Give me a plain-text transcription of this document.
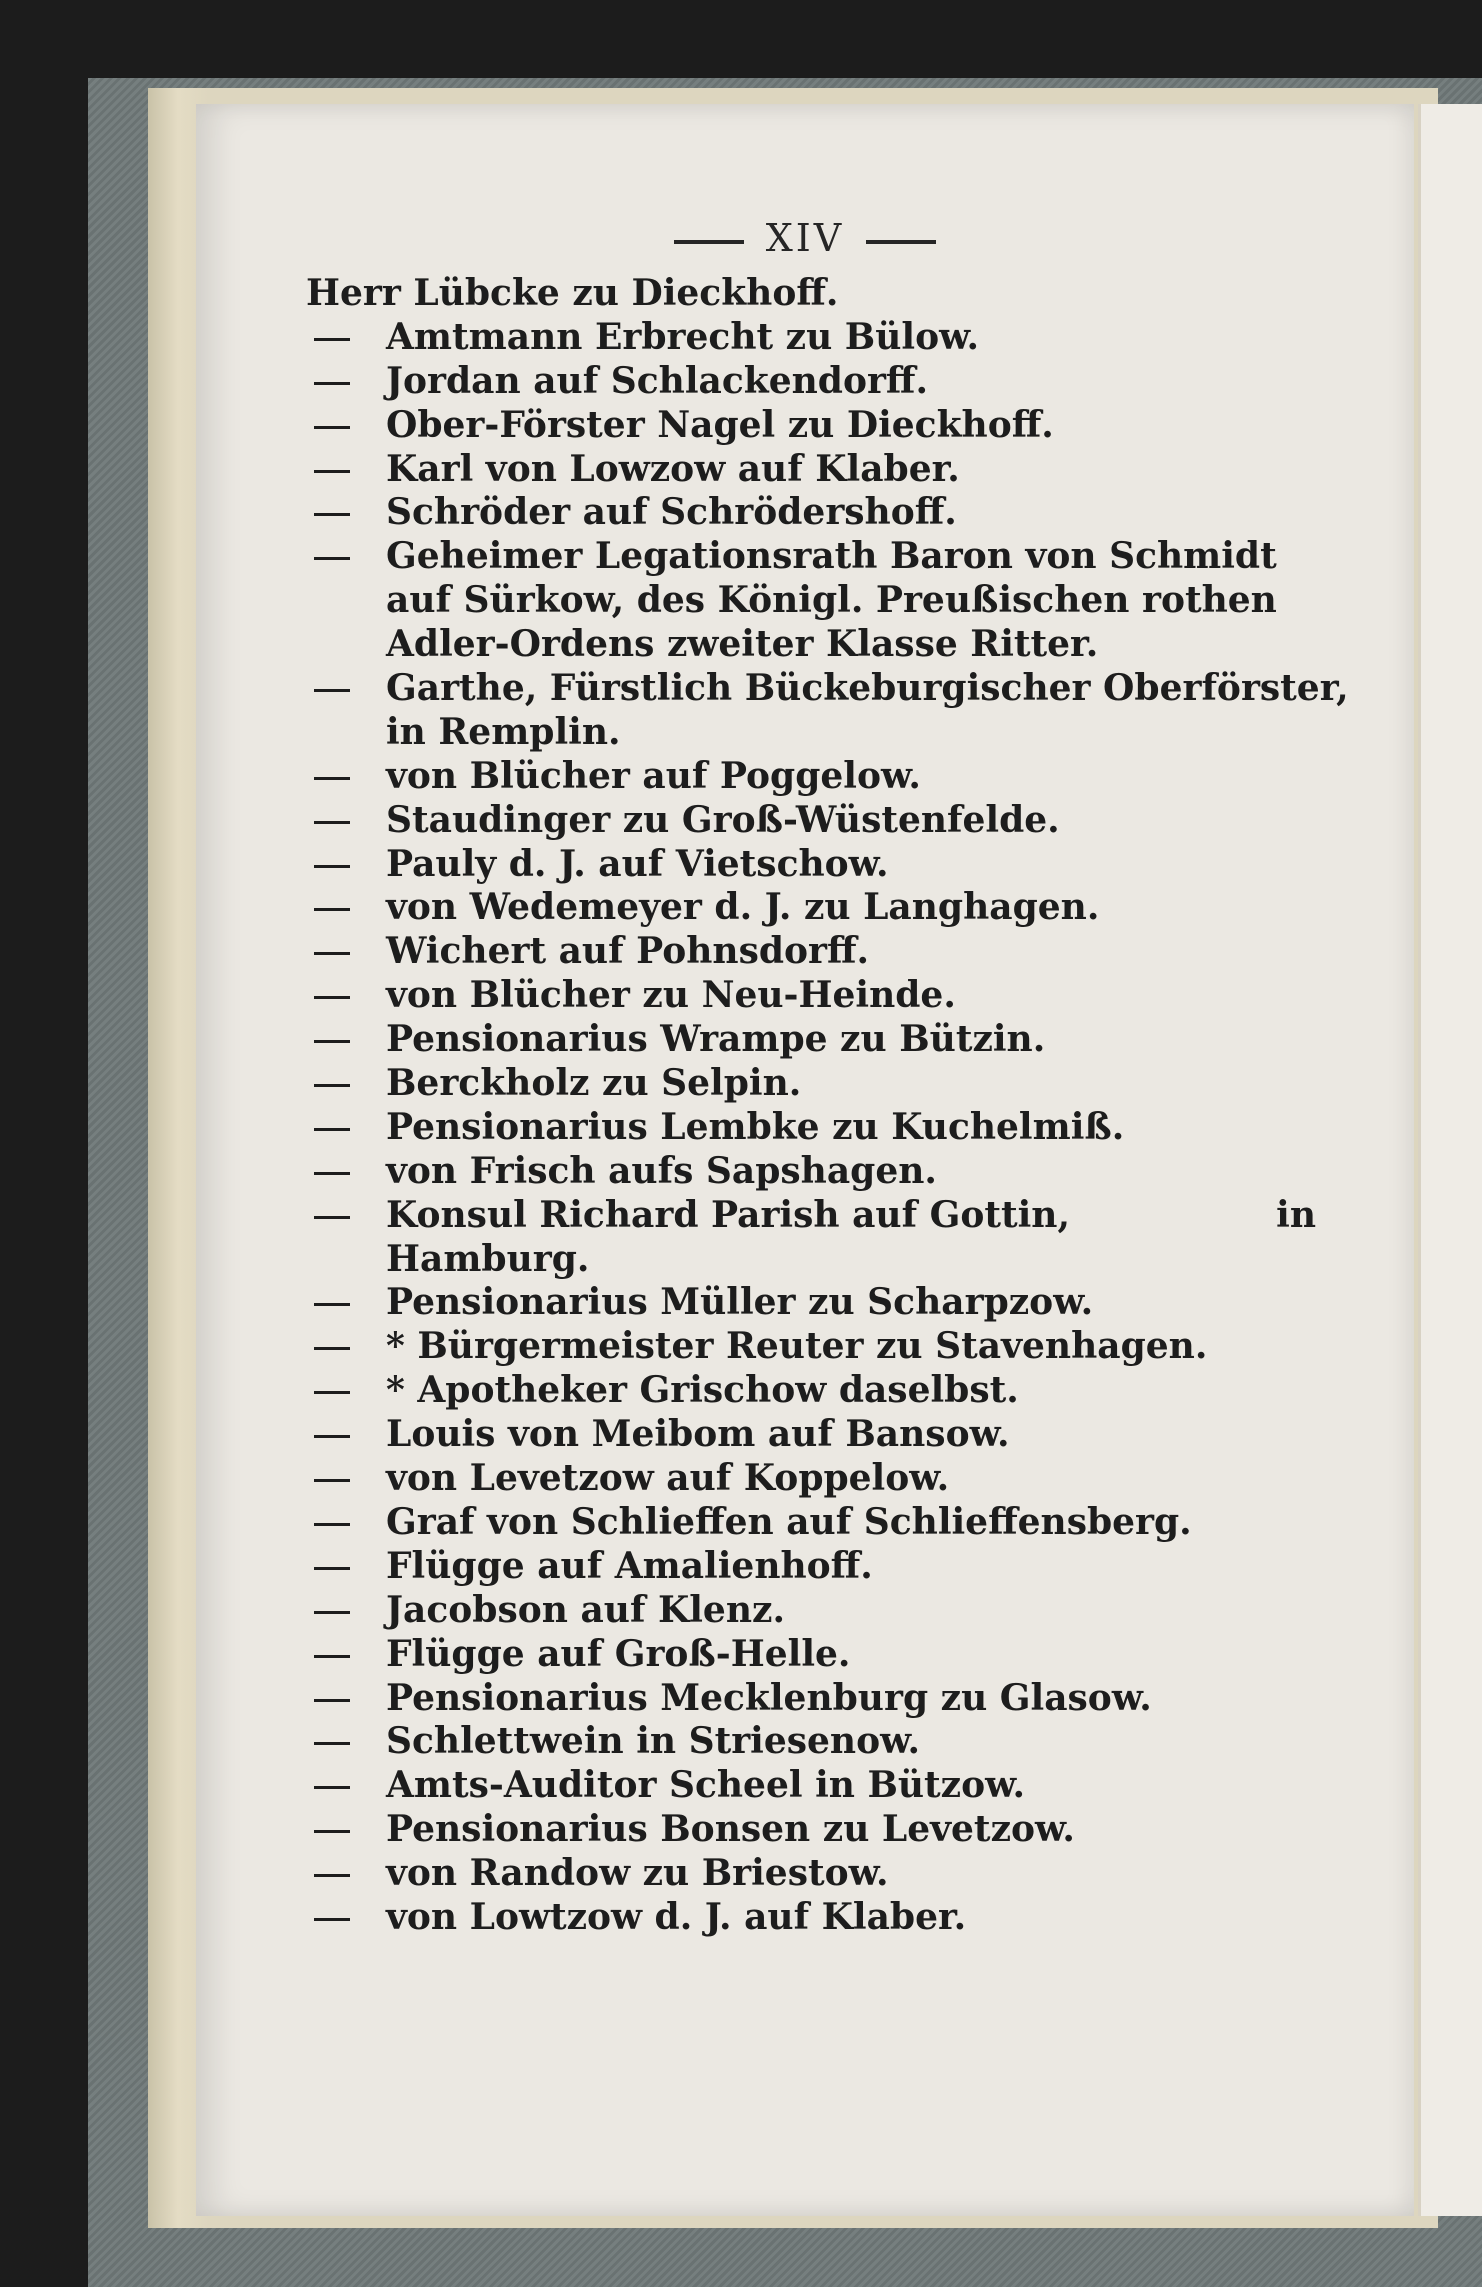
XIV
Herr Lübcke zu Dieckhoff.
Amtmann Erbrecht zu Bülow.
Jordan auf Schlackendorff.
Ober-Förster Nagel zu Dieckhoff.
Karl von Lowzow auf Klaber.
Schröder auf Schrödershoff.
Geheimer Legationsrath Baron von Schmidt
auf Sürkow, des Königl. Preußischen rothen
Adler-Ordens zweiter Klasse Ritter.
Garthe, Fürstlich Bückeburgischer Oberförster,
in Remplin.
von Blücher auf Poggelow.
Staudinger zu Groß-Wüstenfelde.
Pauly d. J. auf Vietschow.
von Wedemeyer d. J. zu Langhagen.
Wichert auf Pohnsdorff.
von Blücher zu Neu-Heinde.
Pensionarius Wrampe zu Bützin.
Berckholz zu Selpin.
Pensionarius Lembke zu Kuchelmiß.
von Frisch aufs Sapshagen.
Konsul Richard Parish auf Gottin,	in
Hamburg.
Pensionarius Müller zu Scharpzow.
* Bürgermeister Reuter zu Stavenhagen.
* Apotheker Grischow daselbst.
Louis von Meibom auf Bansow.
von Levetzow auf Koppelow.
Graf von Schlieffen auf Schlieffensberg.
Flügge auf Amalienhoff.
Jacobson auf Klenz.
Flügge auf Groß-Helle.
Pensionarius Mecklenburg zu Glasow.
Schlettwein in Striesenow.
Amts-Auditor Scheel in Bützow.
Pensionarius Bonsen zu Levetzow.
von Randow zu Briestow.
von Lowtzow d. J. auf Klaber.
